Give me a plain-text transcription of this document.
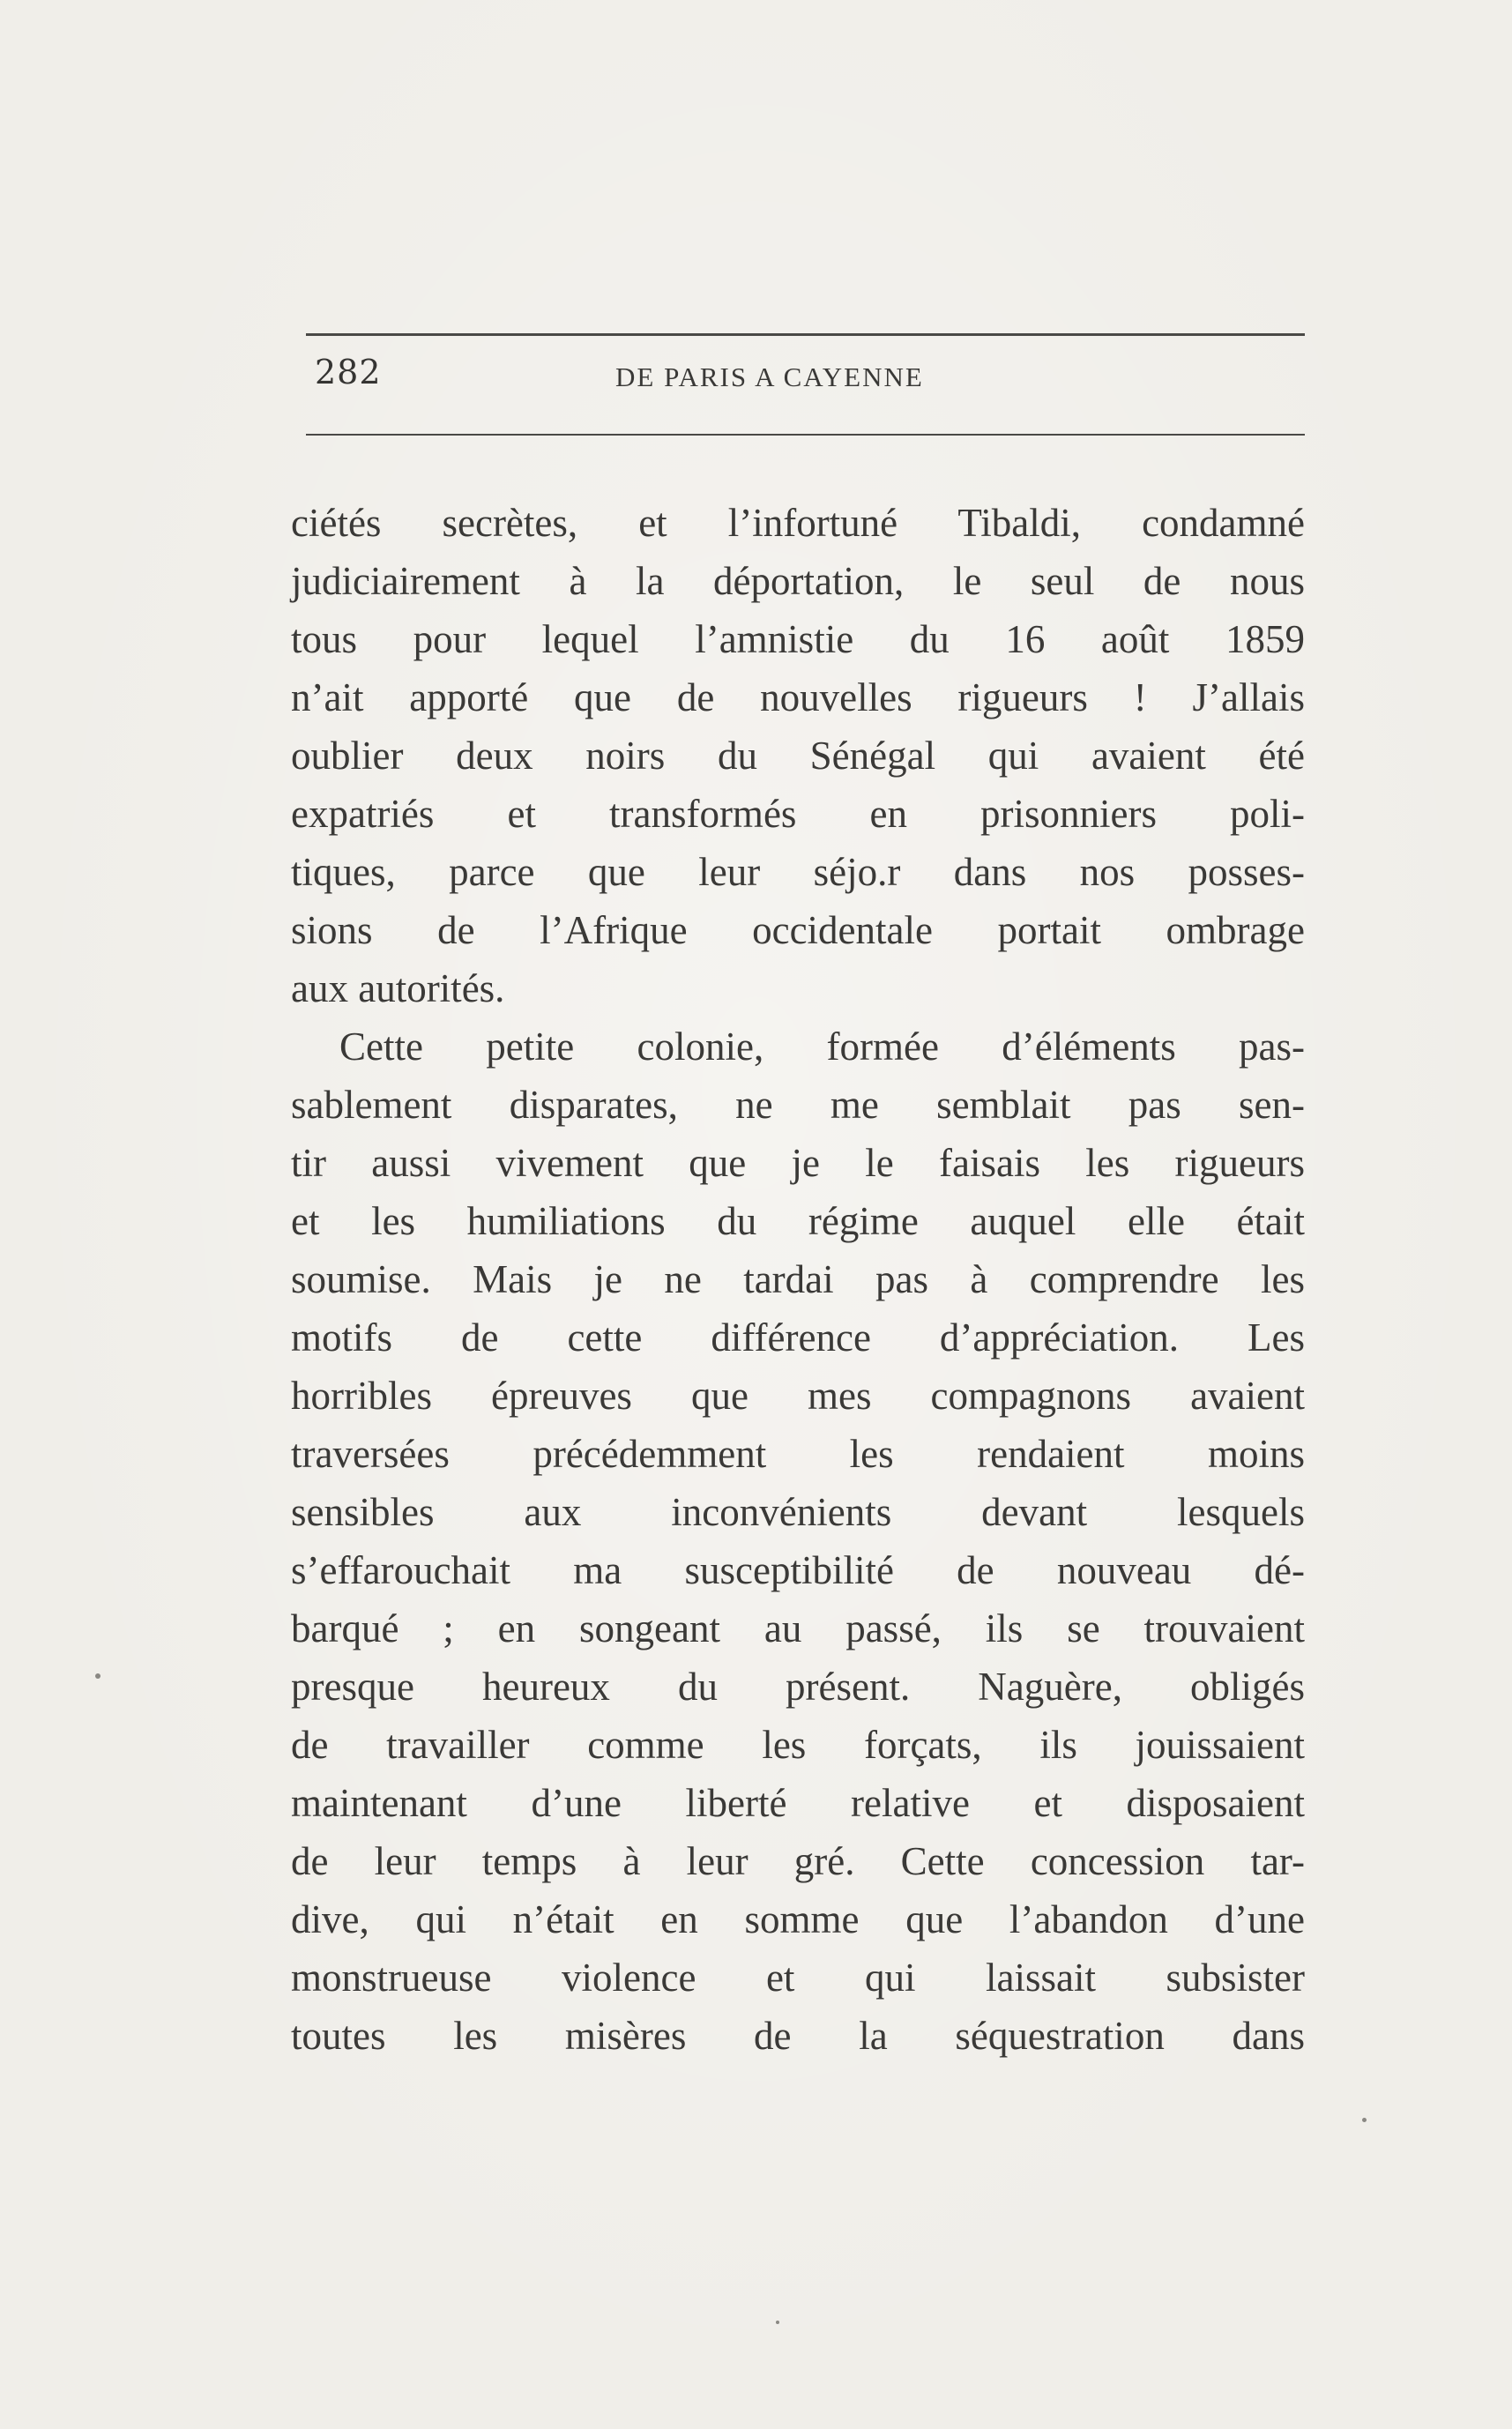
282	DE PARIS A CAYENNE
ciétés secrètes, et l’infortuné Tibaldi, condamné
judiciairement à la déportation, le seul de nous
tous pour lequel l’amnistie du 16 août 1859
n’ait apporté que de nouvelles rigueurs ! J’allais
oublier deux noirs du Sénégal qui avaient été
expatriés et transformés en prisonniers poli-
tiques, parce que leur séjo.r dans nos posses-
sions de l’Afrique occidentale portait ombrage
aux autorités.
Cette petite colonie, formée d’éléments pas-
sablement disparates, ne me semblait pas sen-
tir aussi vivement que je le faisais les rigueurs
et les humiliations du régime auquel elle était
soumise. Mais je ne tardai pas à comprendre les
motifs de cette différence d’appréciation. Les
horribles épreuves que mes compagnons avaient
traversées précédemment les rendaient moins
sensibles aux inconvénients devant lesquels
s’effarouchait ma susceptibilité de nouveau dé-
barqué ; en songeant au passé, ils se trouvaient
presque heureux du présent. Naguère, obligés
de travailler comme les forçats, ils jouissaient
maintenant d’une liberté relative et disposaient
de leur temps à leur gré. Cette concession tar-
dive, qui n’était en somme que l’abandon d’une
monstrueuse violence et qui laissait subsister
toutes les misères de la séquestration dans
